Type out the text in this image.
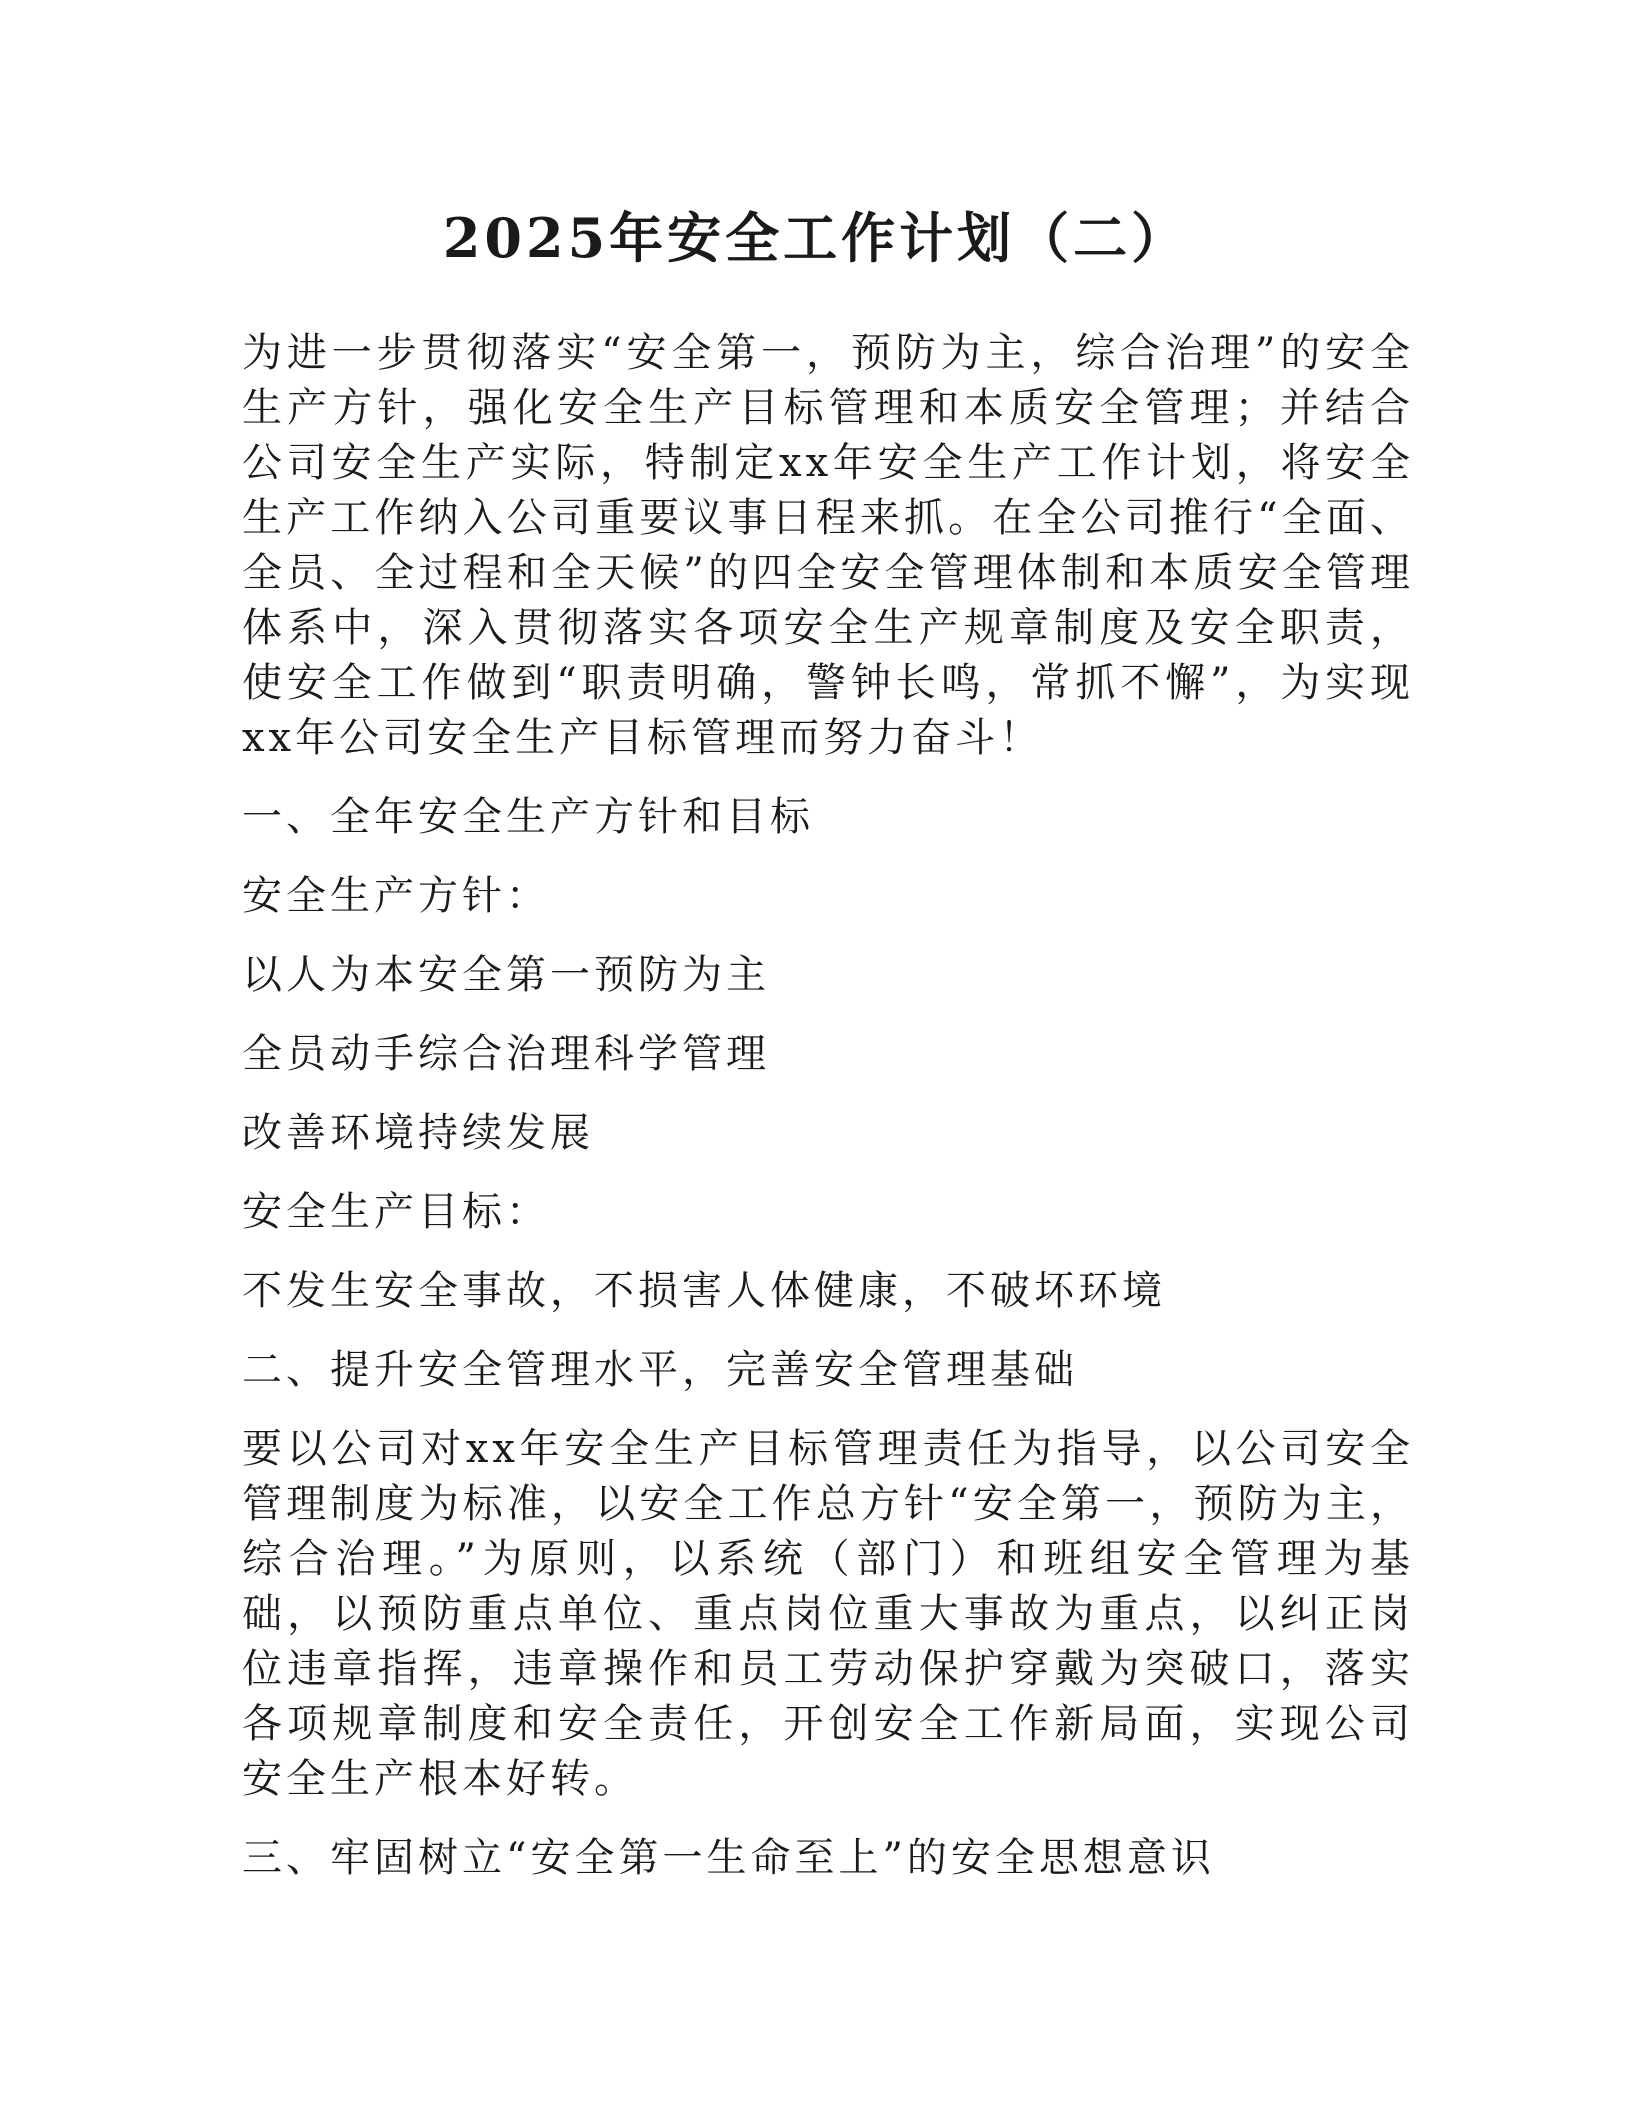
2025年安全工作计划（二）

为进一步贯彻落实“安全第一，预防为主，综合治理”的安全生产方针，强化安全生产目标管理和本质安全管理；并结合公司安全生产实际，特制定xx年安全生产工作计划，将安全生产工作纳入公司重要议事日程来抓。在全公司推行“全面、全员、全过程和全天候”的四全安全管理体制和本质安全管理体系中，深入贯彻落实各项安全生产规章制度及安全职责，使安全工作做到“职责明确，警钟长鸣，常抓不懈”，为实现xx年公司安全生产目标管理而努力奋斗！

一、全年安全生产方针和目标

安全生产方针：

以人为本安全第一预防为主

全员动手综合治理科学管理

改善环境持续发展

安全生产目标：

不发生安全事故，不损害人体健康，不破坏环境

二、提升安全管理水平，完善安全管理基础

要以公司对xx年安全生产目标管理责任为指导，以公司安全管理制度为标准，以安全工作总方针“安全第一，预防为主，综合治理。”为原则，以系统（部门）和班组安全管理为基础，以预防重点单位、重点岗位重大事故为重点，以纠正岗位违章指挥，违章操作和员工劳动保护穿戴为突破口，落实各项规章制度和安全责任，开创安全工作新局面，实现公司安全生产根本好转。

三、牢固树立“安全第一生命至上”的安全思想意识
